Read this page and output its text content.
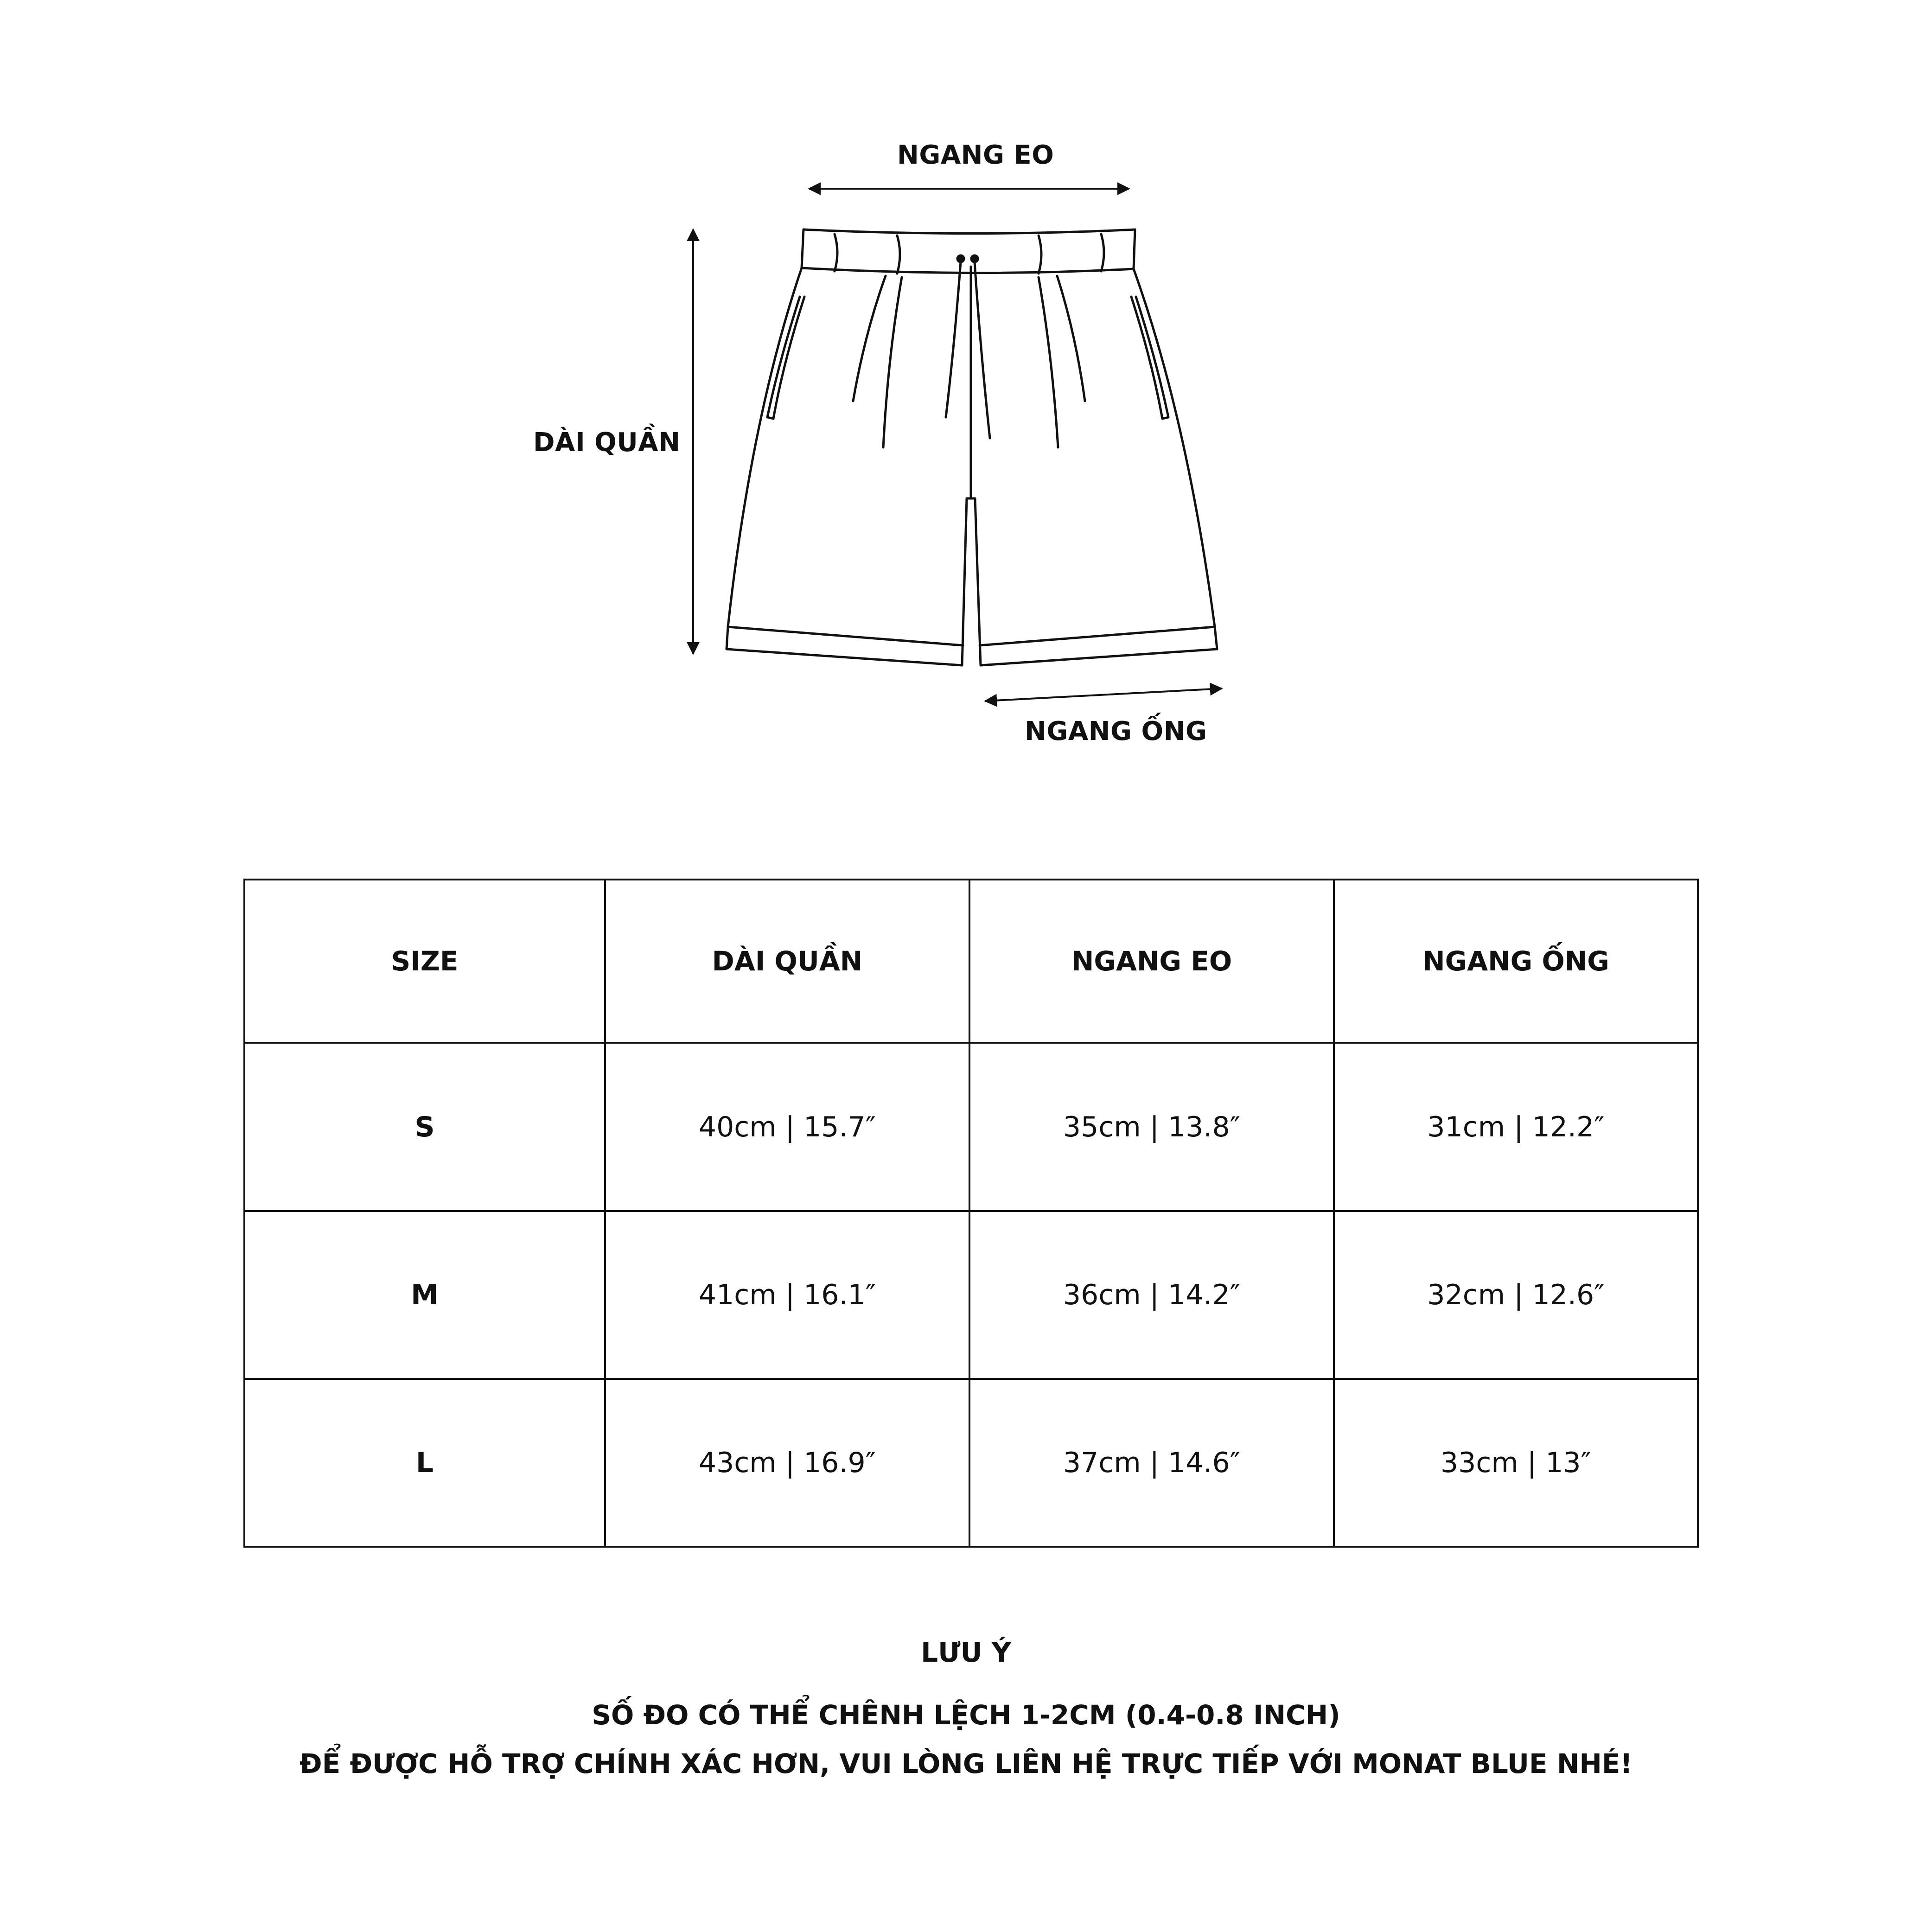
NGANG EO
DÀI QUẦN
NGANG ỐNG
SIZE	DÀI QUẦN	NGANG EO	NGANG ỐNG
S	40cm | 15.7″	35cm | 13.8″	31cm | 12.2″
M	41cm | 16.1″	36cm | 14.2″	32cm | 12.6″
L	43cm | 16.9″	37cm | 14.6″	33cm | 13″
LƯU Ý
SỐ ĐO CÓ THỂ CHÊNH LỆCH 1-2CM (0.4-0.8 INCH)
ĐỂ ĐƯỢC HỖ TRỢ CHÍNH XÁC HƠN, VUI LÒNG LIÊN HỆ TRỰC TIẾP VỚI MONAT BLUE NHÉ!
